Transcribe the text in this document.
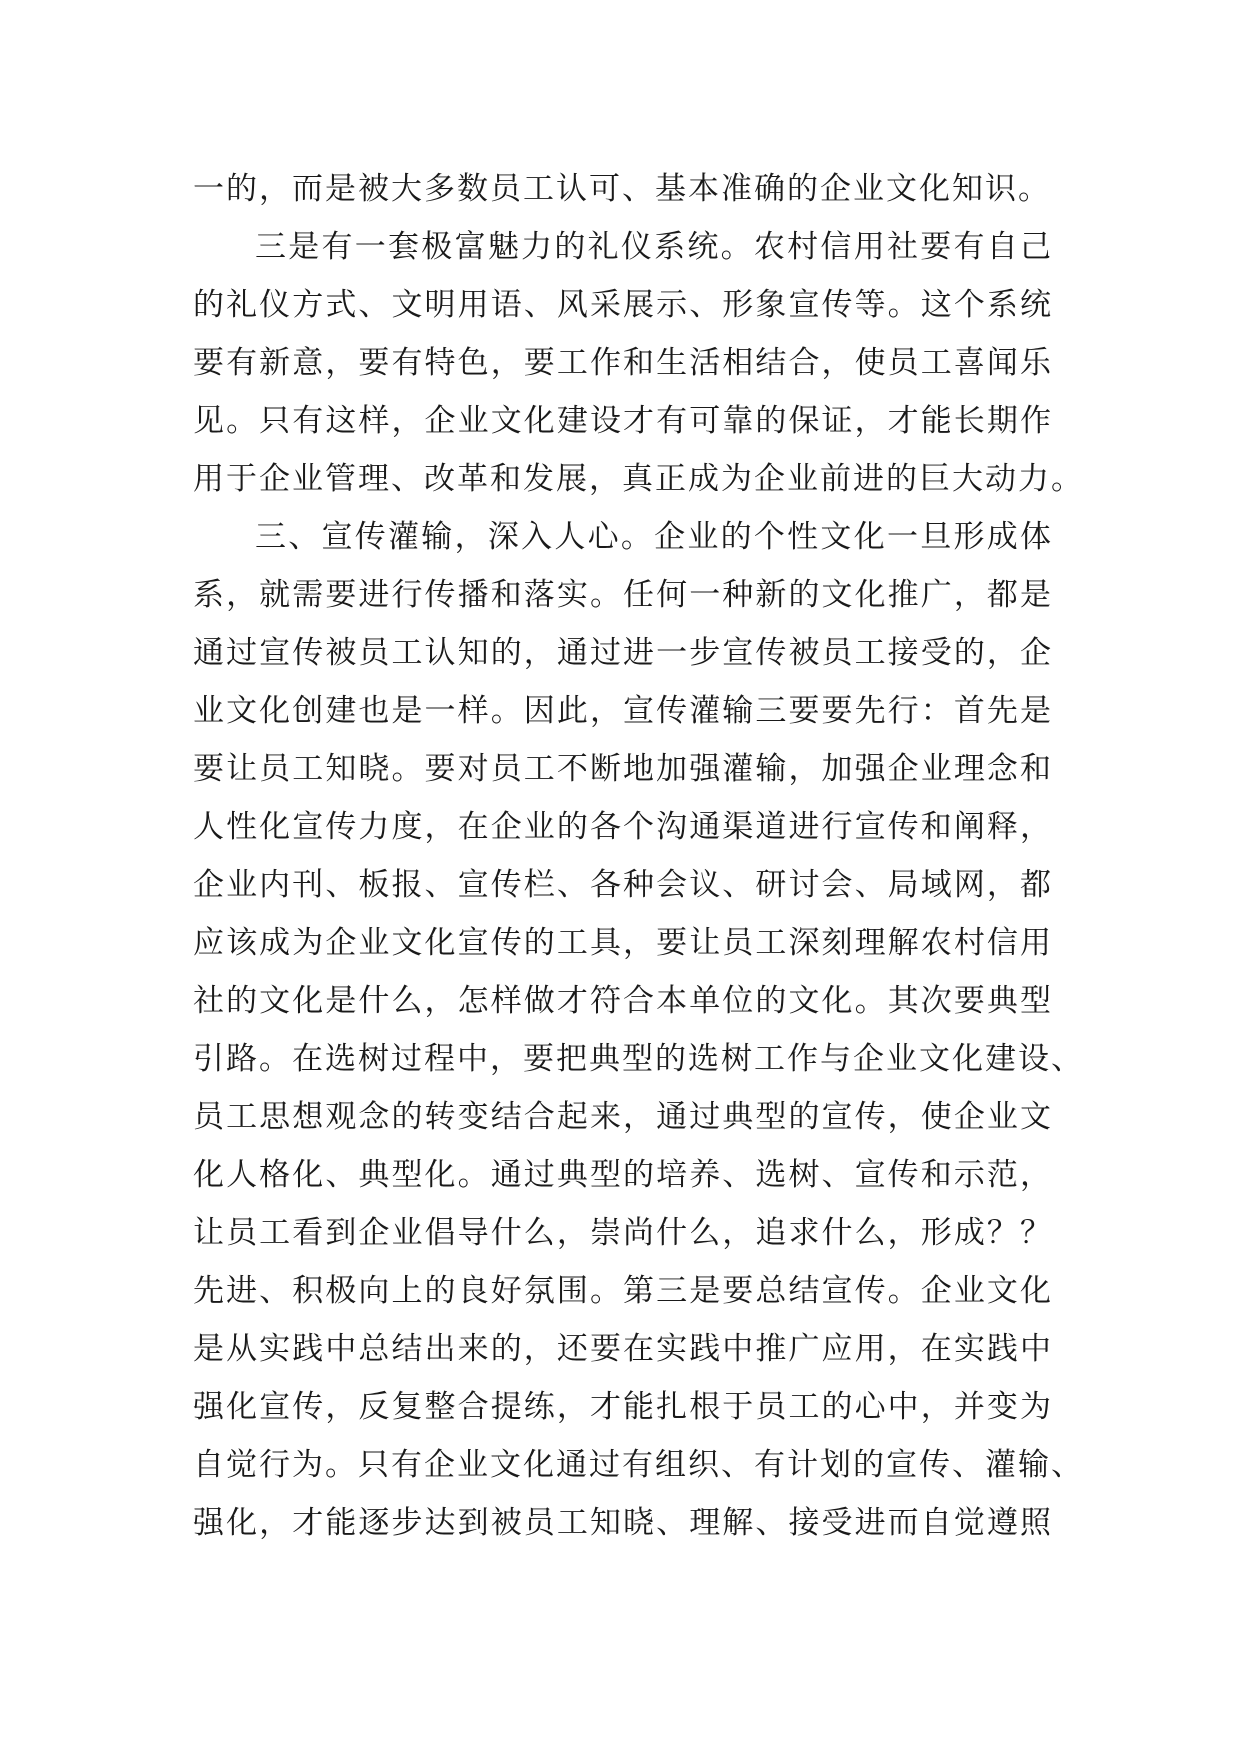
一的，而是被大多数员工认可、基本准确的企业文化知识。
三是有一套极富魅力的礼仪系统。农村信用社要有自己
的礼仪方式、文明用语、风采展示、形象宣传等。这个系统
要有新意，要有特色，要工作和生活相结合，使员工喜闻乐
见。只有这样，企业文化建设才有可靠的保证，才能长期作
用于企业管理、改革和发展，真正成为企业前进的巨大动力。
三、宣传灌输，深入人心。企业的个性文化一旦形成体
系，就需要进行传播和落实。任何一种新的文化推广，都是
通过宣传被员工认知的，通过进一步宣传被员工接受的，企
业文化创建也是一样。因此，宣传灌输三要要先行：首先是
要让员工知晓。要对员工不断地加强灌输，加强企业理念和
人性化宣传力度，在企业的各个沟通渠道进行宣传和阐释，
企业内刊、板报、宣传栏、各种会议、研讨会、局域网，都
应该成为企业文化宣传的工具，要让员工深刻理解农村信用
社的文化是什么，怎样做才符合本单位的文化。其次要典型
引路。在选树过程中，要把典型的选树工作与企业文化建设、
员工思想观念的转变结合起来，通过典型的宣传，使企业文
化人格化、典型化。通过典型的培养、选树、宣传和示范，
让员工看到企业倡导什么，崇尚什么，追求什么，形成？？
先进、积极向上的良好氛围。第三是要总结宣传。企业文化
是从实践中总结出来的，还要在实践中推广应用，在实践中
强化宣传，反复整合提练，才能扎根于员工的心中，并变为
自觉行为。只有企业文化通过有组织、有计划的宣传、灌输、
强化，才能逐步达到被员工知晓、理解、接受进而自觉遵照
